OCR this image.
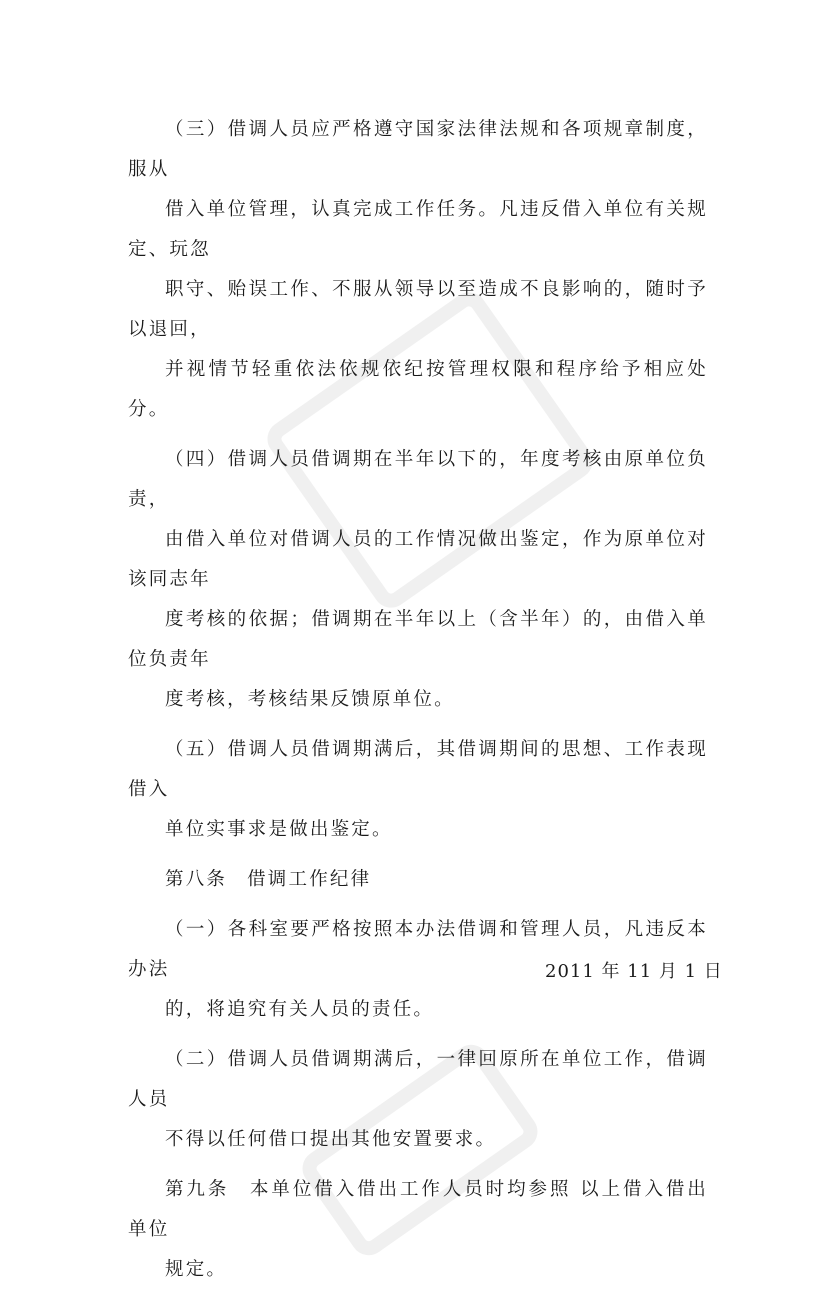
（三）借调人员应严格遵守国家法律法规和各项规章制度，服从
借入单位管理，认真完成工作任务。凡违反借入单位有关规定、玩忽
职守、贻误工作、不服从领导以至造成不良影响的，随时予以退回，
并视情节轻重依法依规依纪按管理权限和程序给予相应处分。

（四）借调人员借调期在半年以下的，年度考核由原单位负责，
由借入单位对借调人员的工作情况做出鉴定，作为原单位对该同志年
度考核的依据；借调期在半年以上（含半年）的，由借入单位负责年
度考核，考核结果反馈原单位。

（五）借调人员借调期满后，其借调期间的思想、工作表现借入
单位实事求是做出鉴定。

第八条 借调工作纪律

（一）各科室要严格按照本办法借调和管理人员，凡违反本办法
的，将追究有关人员的责任。

（二）借调人员借调期满后，一律回原所在单位工作，借调人员
不得以任何借口提出其他安置要求。

第九条 本单位借入借出工作人员时均参照 以上借入借出单位
规定。

2011 年 11 月 1 日
